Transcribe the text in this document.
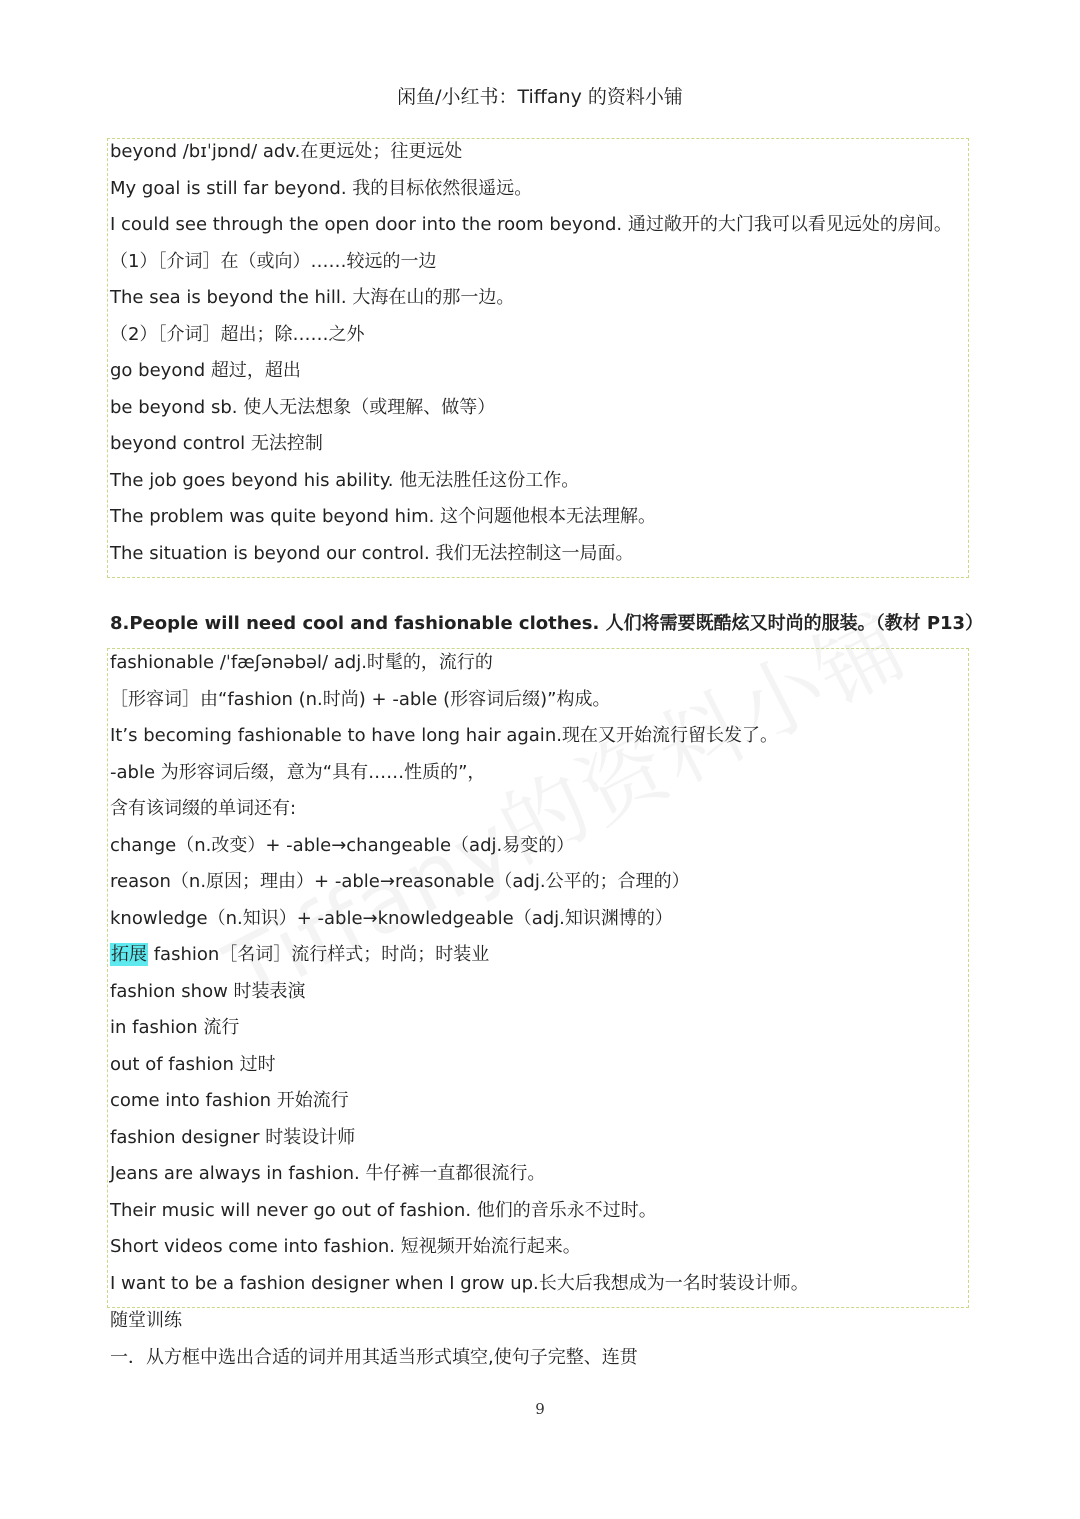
闲鱼/小红书：Tiffany 的资料小铺
beyond /bɪˈjɒnd/ adv.在更远处；往更远处
My goal is still far beyond. 我的目标依然很遥远。
I could see through the open door into the room beyond. 通过敞开的大门我可以看见远处的房间。
（1）［介词］在（或向）……较远的一边
The sea is beyond the hill. 大海在山的那一边。
（2）［介词］超出；除……之外
go beyond 超过，超出
be beyond sb. 使人无法想象（或理解、做等）
beyond control 无法控制
The job goes beyond his ability. 他无法胜任这份工作。
The problem was quite beyond him. 这个问题他根本无法理解。
The situation is beyond our control. 我们无法控制这一局面。
8.People will need cool and fashionable clothes. 人们将需要既酷炫又时尚的服装。（教材 P13）
fashionable /ˈfæʃənəbəl/ adj.时髦的，流行的
［形容词］由“fashion (n.时尚) + -able (形容词后缀)”构成。
It’s becoming fashionable to have long hair again.现在又开始流行留长发了。
-able 为形容词后缀，意为“具有……性质的”，
含有该词缀的单词还有:
change（n.改变）+ -able→changeable（adj.易变的）
reason（n.原因；理由）+ -able→reasonable（adj.公平的；合理的）
knowledge（n.知识）+ -able→knowledgeable（adj.知识渊博的）
拓展 fashion［名词］流行样式；时尚；时装业
fashion show 时装表演
in fashion 流行
out of fashion 过时
come into fashion 开始流行
fashion designer 时装设计师
Jeans are always in fashion. 牛仔裤一直都很流行。
Their music will never go out of fashion. 他们的音乐永不过时。
Short videos come into fashion. 短视频开始流行起来。
I want to be a fashion designer when I grow up.长大后我想成为一名时装设计师。
随堂训练
一．从方框中选出合适的词并用其适当形式填空,使句子完整、连贯
9
